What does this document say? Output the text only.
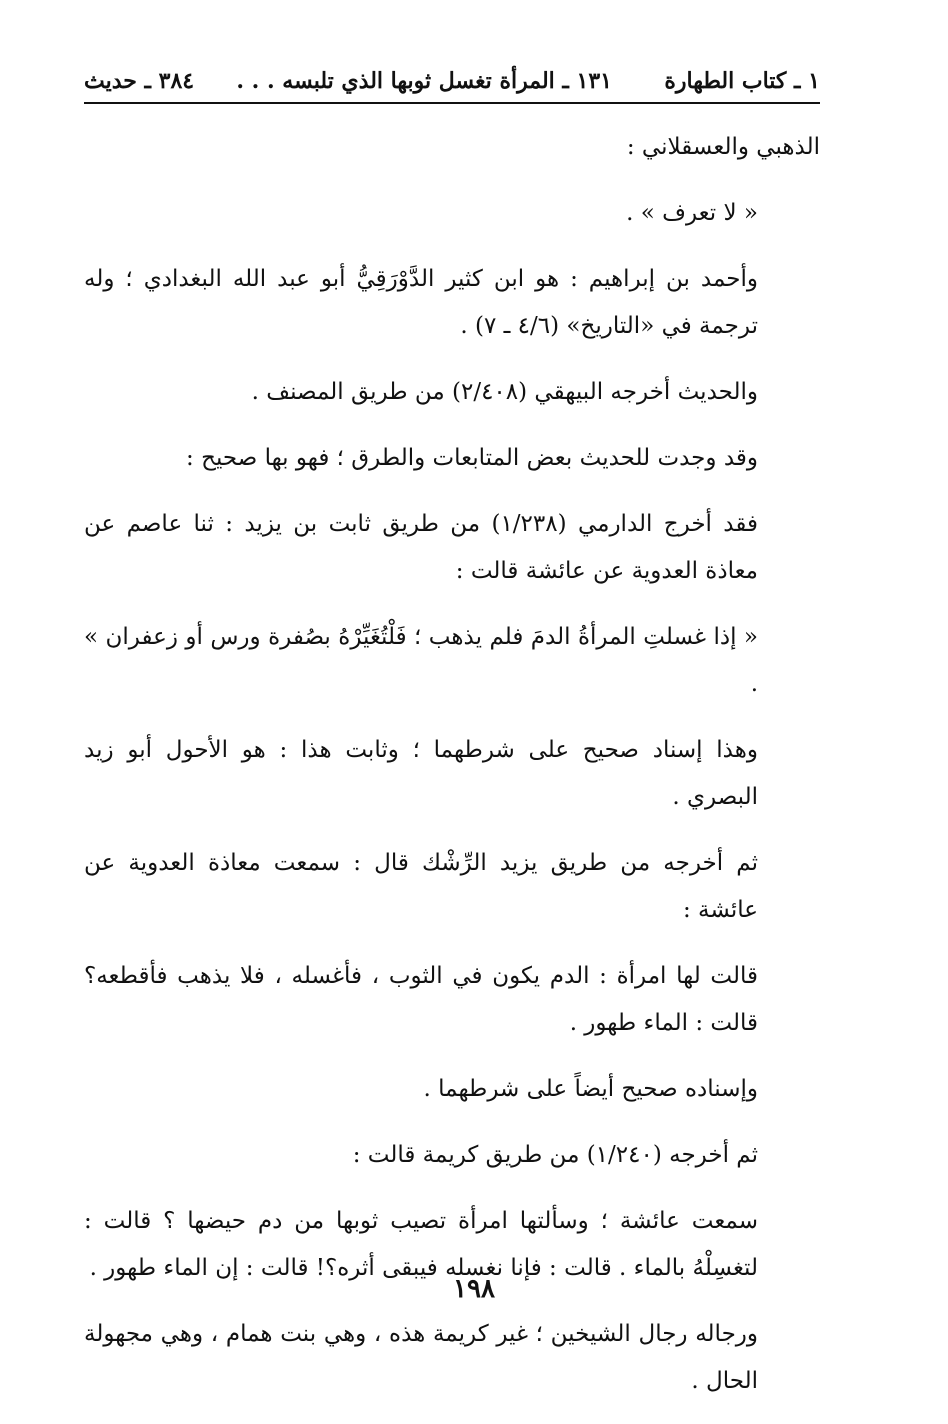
١ ـ كتاب الطهارة
١٣١ ـ المرأة تغسل ثوبها الذي تلبسه . . .
٣٨٤ ـ حديث

الذهبي والعسقلاني :

« لا تعرف » .

وأحمد بن إبراهيم : هو ابن كثير الدَّوْرَقِيُّ أبو عبد الله البغدادي ؛ وله ترجمة في «التاريخ» (٤/٦ ـ ٧) .

والحديث أخرجه البيهقي (٢/٤٠٨) من طريق المصنف .

وقد وجدت للحديث بعض المتابعات والطرق ؛ فهو بها صحيح :

فقد أخرج الدارمي (١/٢٣٨) من طريق ثابت بن يزيد : ثنا عاصم عن معاذة العدوية عن عائشة قالت :

« إذا غسلتِ المرأةُ الدمَ فلم يذهب ؛ فَلْتُغَيِّرْهُ بصُفرة ورس أو زعفران » .

وهذا إسناد صحيح على شرطهما ؛ وثابت هذا : هو الأحول أبو زيد البصري .

ثم أخرجه من طريق يزيد الرِّشْك قال : سمعت معاذة العدوية عن عائشة :

قالت لها امرأة : الدم يكون في الثوب ، فأغسله ، فلا يذهب فأقطعه؟ قالت : الماء طهور .

وإسناده صحيح أيضاً على شرطهما .

ثم أخرجه (١/٢٤٠) من طريق كريمة قالت :

سمعت عائشة ؛ وسألتها امرأة تصيب ثوبها من دم حيضها ؟ قالت : لتغسِلْهُ بالماء . قالت : فإنا نغسله فيبقى أثره؟! قالت : إن الماء طهور .

ورجاله رجال الشيخين ؛ غير كريمة هذه ، وهي بنت همام ، وهي مجهولة الحال .

١٩٨
